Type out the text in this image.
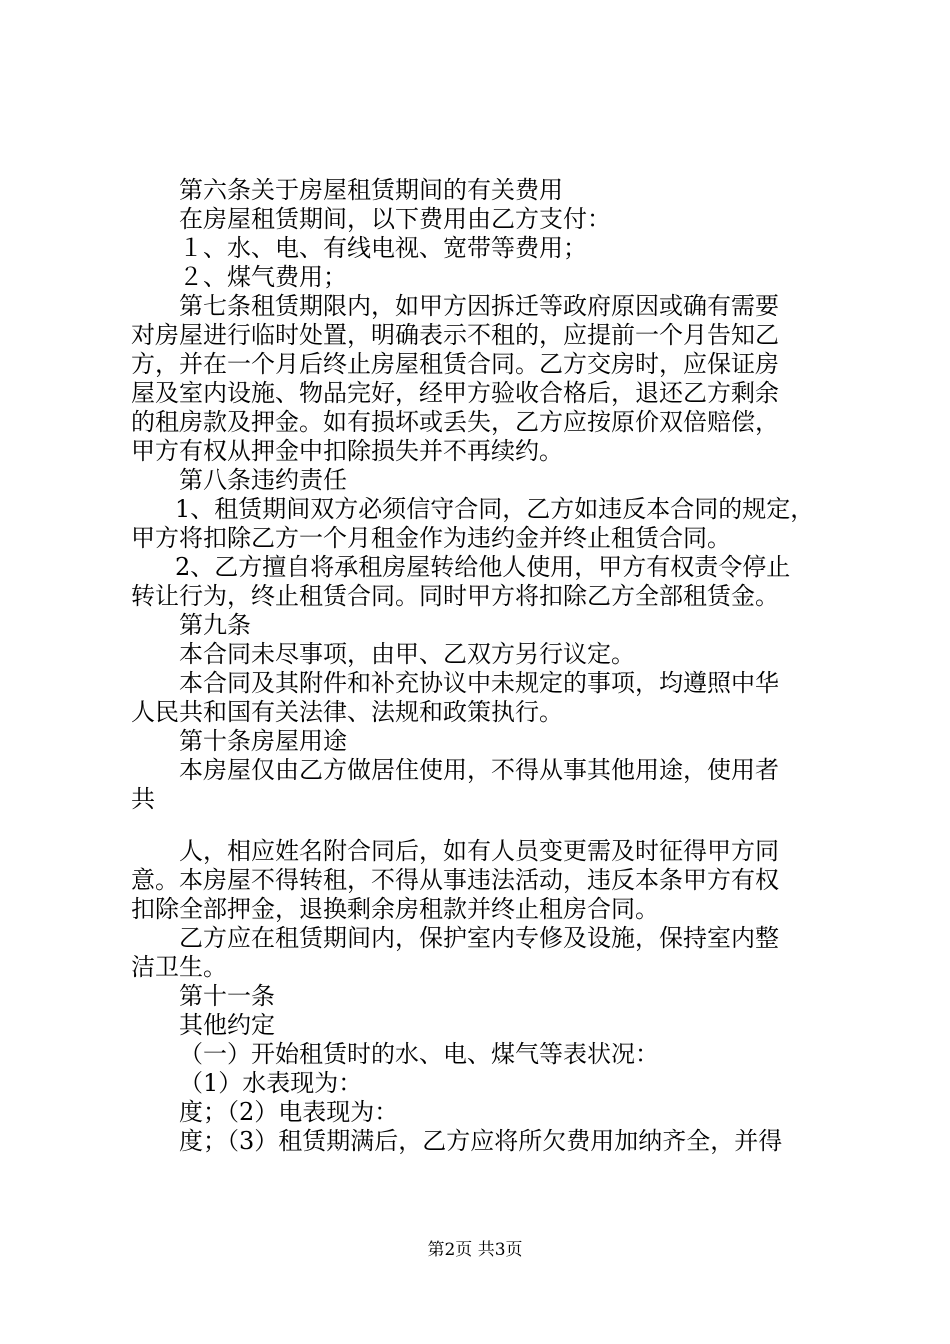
第六条关于房屋租赁期间的有关费用
在房屋租赁期间，以下费用由乙方支付：
１、水、电、有线电视、宽带等费用；
２、煤气费用；
第七条租赁期限内，如甲方因拆迁等政府原因或确有需要
对房屋进行临时处置，明确表示不租的，应提前一个月告知乙
方，并在一个月后终止房屋租赁合同。乙方交房时，应保证房
屋及室内设施、物品完好，经甲方验收合格后，退还乙方剩余
的租房款及押金。如有损坏或丢失，乙方应按原价双倍赔偿，
甲方有权从押金中扣除损失并不再续约。
第八条违约责任
1、租赁期间双方必须信守合同，乙方如违反本合同的规定，
甲方将扣除乙方一个月租金作为违约金并终止租赁合同。
2、乙方擅自将承租房屋转给他人使用，甲方有权责令停止
转让行为，终止租赁合同。同时甲方将扣除乙方全部租赁金。
第九条
本合同未尽事项，由甲、乙双方另行议定。
本合同及其附件和补充协议中未规定的事项，均遵照中华
人民共和国有关法律、法规和政策执行。
第十条房屋用途
本房屋仅由乙方做居住使用，不得从事其他用途，使用者
共
人，相应姓名附合同后，如有人员变更需及时征得甲方同
意。本房屋不得转租，不得从事违法活动，违反本条甲方有权
扣除全部押金，退换剩余房租款并终止租房合同。
乙方应在租赁期间内，保护室内专修及设施，保持室内整
洁卫生。
第十一条
其他约定
（一）开始租赁时的水、电、煤气等表状况：
（1）水表现为：
度；（2）电表现为：
度；（3）租赁期满后，乙方应将所欠费用加纳齐全，并得
第2页 共3页
